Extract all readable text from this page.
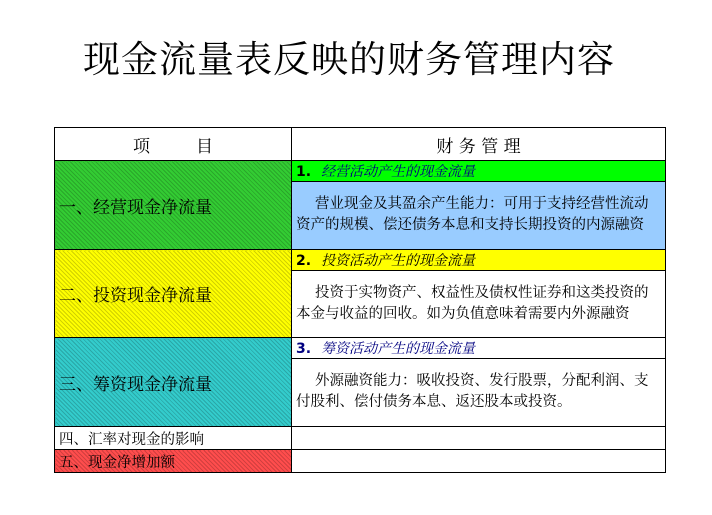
现金流量表反映的财务管理内容
项 目	财 务 管 理
一、经营现金净流量	1. 经营活动产生的现金流量
	营业现金及其盈余产生能力：可用于支持经营性流动资产的规模、偿还债务本息和支持长期投资的内源融资
二、投资现金净流量	2. 投资活动产生的现金流量
	投资于实物资产、权益性及债权性证券和这类投资的本金与收益的回收。如为负值意味着需要内外源融资
三、筹资现金净流量	3. 筹资活动产生的现金流量
	外源融资能力：吸收投资、发行股票，分配利润、支付股利、偿付债务本息、返还股本或投资。
四、汇率对现金的影响	
五、现金净增加额	
